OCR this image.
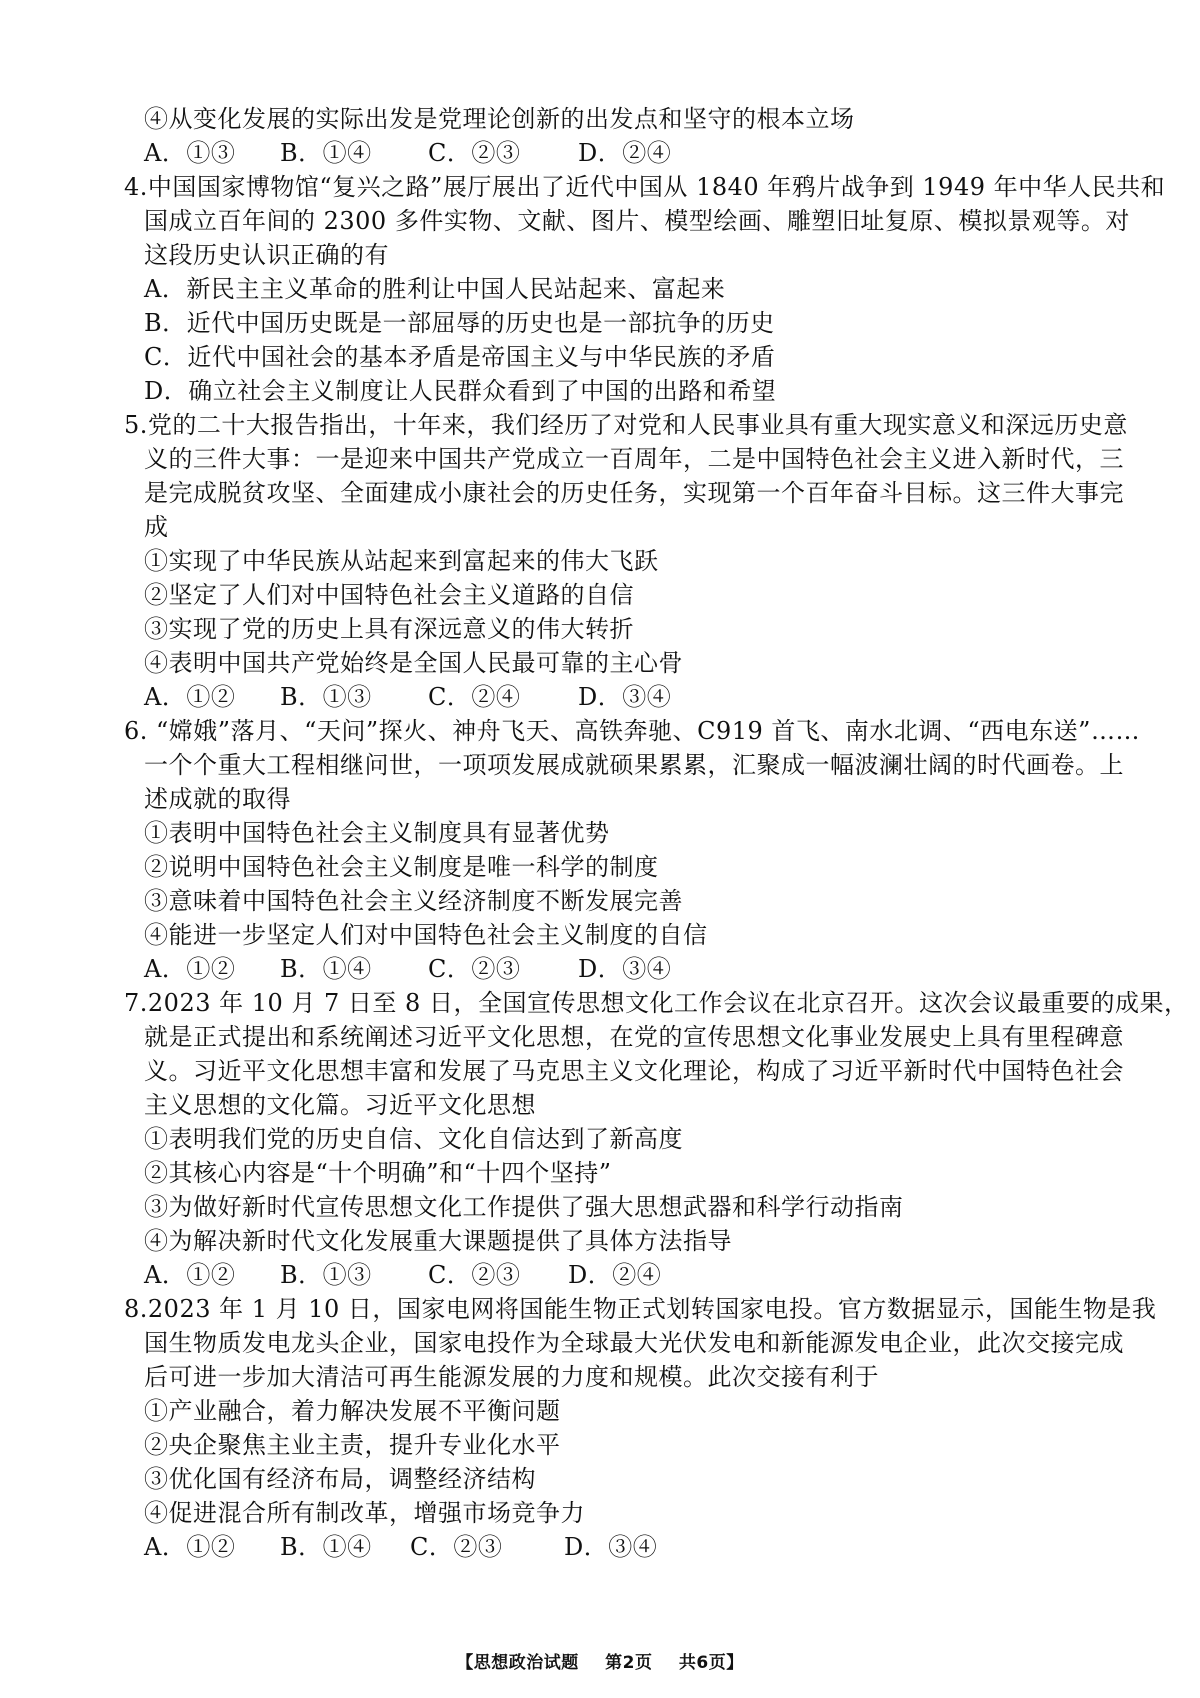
④从变化发展的实际出发是党理论创新的出发点和坚守的根本立场
A．①③ B．①④ C．②③ D．②④
4.中国国家博物馆“复兴之路”展厅展出了近代中国从 1840 年鸦片战争到 1949 年中华人民共和
国成立百年间的 2300 多件实物、文献、图片、模型绘画、雕塑旧址复原、模拟景观等。对
这段历史认识正确的有
A．新民主主义革命的胜利让中国人民站起来、富起来
B．近代中国历史既是一部屈辱的历史也是一部抗争的历史
C．近代中国社会的基本矛盾是帝国主义与中华民族的矛盾
D．确立社会主义制度让人民群众看到了中国的出路和希望
5.党的二十大报告指出，十年来，我们经历了对党和人民事业具有重大现实意义和深远历史意
义的三件大事：一是迎来中国共产党成立一百周年，二是中国特色社会主义进入新时代，三
是完成脱贫攻坚、全面建成小康社会的历史任务，实现第一个百年奋斗目标。这三件大事完
成
①实现了中华民族从站起来到富起来的伟大飞跃
②坚定了人们对中国特色社会主义道路的自信
③实现了党的历史上具有深远意义的伟大转折
④表明中国共产党始终是全国人民最可靠的主心骨
A．①② B．①③ C．②④ D．③④
6. “嫦娥”落月、“天问”探火、神舟飞天、高铁奔驰、C919 首飞、南水北调、“西电东送”……
一个个重大工程相继问世，一项项发展成就硕果累累，汇聚成一幅波澜壮阔的时代画卷。上
述成就的取得
①表明中国特色社会主义制度具有显著优势
②说明中国特色社会主义制度是唯一科学的制度
③意味着中国特色社会主义经济制度不断发展完善
④能进一步坚定人们对中国特色社会主义制度的自信
A．①② B．①④ C．②③ D．③④
7.2023 年 10 月 7 日至 8 日，全国宣传思想文化工作会议在北京召开。这次会议最重要的成果，
就是正式提出和系统阐述习近平文化思想，在党的宣传思想文化事业发展史上具有里程碑意
义。习近平文化思想丰富和发展了马克思主义文化理论，构成了习近平新时代中国特色社会
主义思想的文化篇。习近平文化思想
①表明我们党的历史自信、文化自信达到了新高度
②其核心内容是“十个明确”和“十四个坚持”
③为做好新时代宣传思想文化工作提供了强大思想武器和科学行动指南
④为解决新时代文化发展重大课题提供了具体方法指导
A．①② B．①③ C．②③ D．②④
8.2023 年 1 月 10 日，国家电网将国能生物正式划转国家电投。官方数据显示，国能生物是我
国生物质发电龙头企业，国家电投作为全球最大光伏发电和新能源发电企业，此次交接完成
后可进一步加大清洁可再生能源发展的力度和规模。此次交接有利于
①产业融合，着力解决发展不平衡问题
②央企聚焦主业主责，提升专业化水平
③优化国有经济布局，调整经济结构
④促进混合所有制改革，增强市场竞争力
A．①② B．①④ C．②③	D．③④
【思想政治试题 第2页 共6页】
